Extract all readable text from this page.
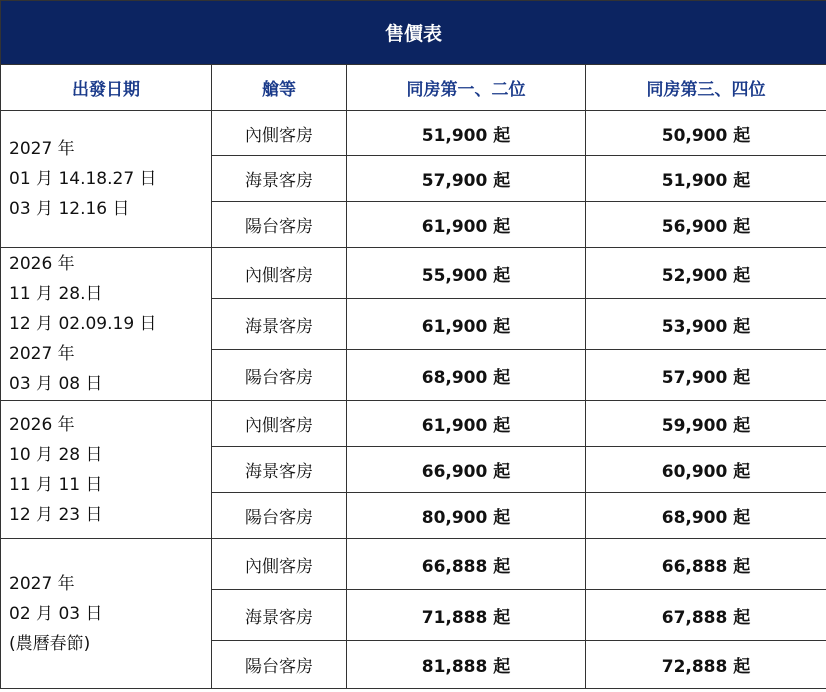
售價表			
出發日期	艙等	同房第一、二位	同房第三、四位

2027 年
01 月 14.18.27 日
03 月 12.16 日	內側客房	51,900 起	50,900 起
	海景客房	57,900 起	51,900 起
	陽台客房	61,900 起	56,900 起

2026 年
11 月 28.日
12 月 02.09.19 日
2027 年
03 月 08 日	內側客房	55,900 起	52,900 起
	海景客房	61,900 起	53,900 起
	陽台客房	68,900 起	57,900 起

2026 年
10 月 28 日
11 月 11 日
12 月 23 日	內側客房	61,900 起	59,900 起
	海景客房	66,900 起	60,900 起
	陽台客房	80,900 起	68,900 起

2027 年
02 月 03 日
(農曆春節)	內側客房	66,888 起	66,888 起
	海景客房	71,888 起	67,888 起
	陽台客房	81,888 起	72,888 起
